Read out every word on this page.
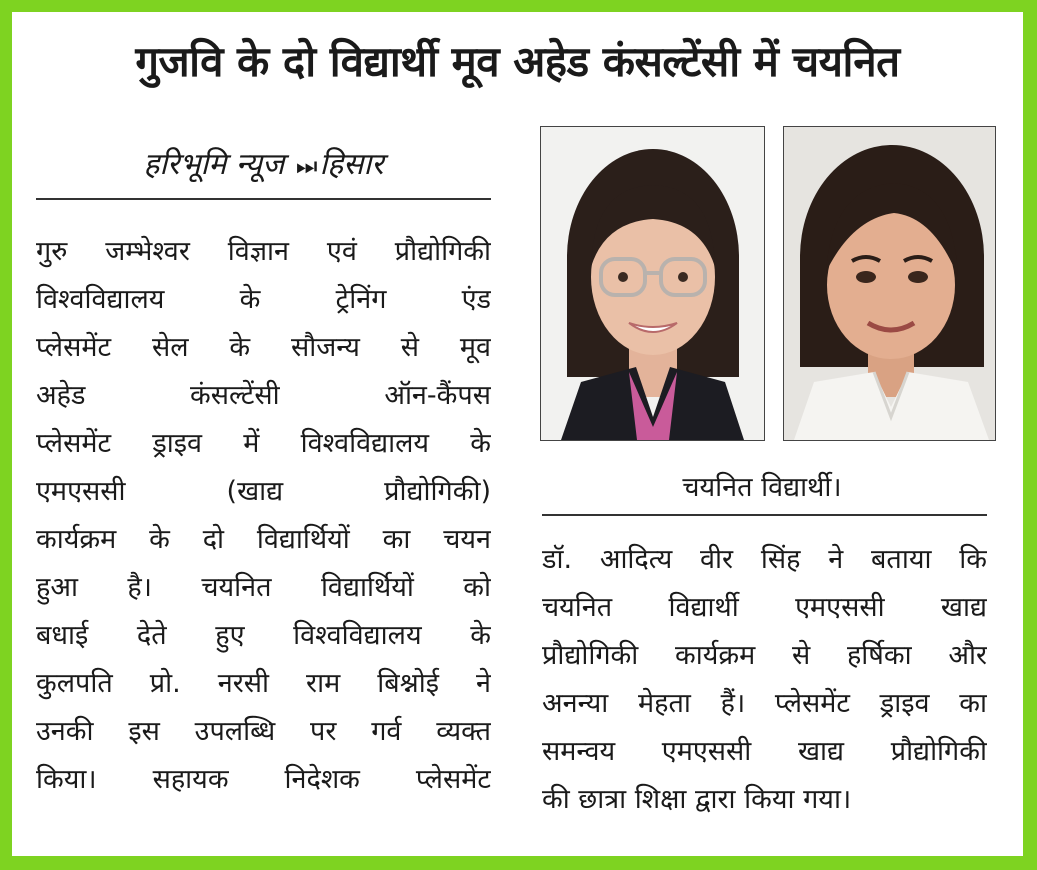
गुजवि के दो विद्यार्थी मूव अहेड कंसल्टेंसी में चयनित
हरिभूमि न्यूज ⏭हिसार
गुरु जम्भेश्वर विज्ञान एवं प्रौद्योगिकी
विश्वविद्यालय के ट्रेनिंग एंड
प्लेसमेंट सेल के सौजन्य से मूव
अहेड कंसल्टेंसी ऑन-कैंपस
प्लेसमेंट ड्राइव में विश्वविद्यालय के
एमएससी (खाद्य प्रौद्योगिकी)
कार्यक्रम के दो विद्यार्थियों का चयन
हुआ है। चयनित विद्यार्थियों को
बधाई देते हुए विश्वविद्यालय के
कुलपति प्रो. नरसी राम बिश्नोई ने
उनकी इस उपलब्धि पर गर्व व्यक्त
किया। सहायक निदेशक प्लेसमेंट
चयनित विद्यार्थी।
डॉ. आदित्य वीर सिंह ने बताया कि
चयनित विद्यार्थी एमएससी खाद्य
प्रौद्योगिकी कार्यक्रम से हर्षिका और
अनन्या मेहता हैं। प्लेसमेंट ड्राइव का
समन्वय एमएससी खाद्य प्रौद्योगिकी
की छात्रा शिक्षा द्वारा किया गया।
